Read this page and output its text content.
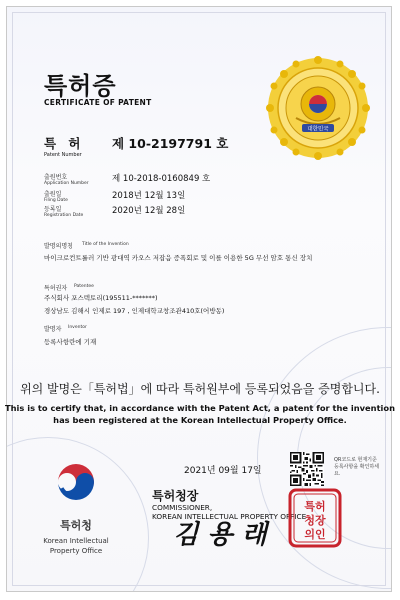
대한민국
특허증
CERTIFICATE OF PATENT
특 허
Patent Number
제 10-2197791 호
출원번호
Application Number	제 10-2018-0160849 호
출원일
Filing Date	2018년 12월 13일
등록일
Registration Date	2020년 12월 28일
발명의명칭 Title of the Invention
마이크로컨트롤러 기반 광대역 카오스 저잡음 증폭회로 및 이를 이용한 5G 무선 암호 통신 장치
특허권자 Patentee
주식회사 포스텍토리(195511-*******)
경상남도 김해시 인제로 197 , 인제대학교창조관410호(어방동)
발명자 Inventor
등록사항란에 기재
위의 발명은「특허법」에 따라 특허원부에 등록되었음을 증명합니다.
This is to certify that, in accordance with the Patent Act, a patent for the invention
has been registered at the Korean Intellectual Property Office.
2021년 09월 17일
QR코드로 현재기준
등록사항을 확인하세요.
특허청장
COMMISSIONER,
KOREAN INTELLECTUAL PROPERTY OFFICE
김 용 래
특허
청장
의인
특허청
Korean Intellectual
Property Office
